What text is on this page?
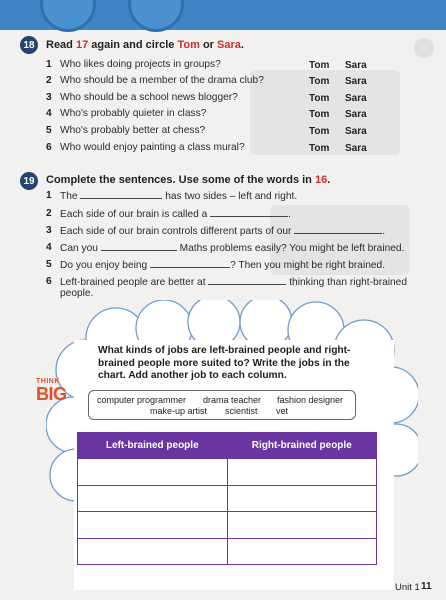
18	Read 17 again and circle Tom or Sara.
1 Who likes doing projects in groups?	Tom Sara
2 Who should be a member of the drama club?	Tom Sara
3 Who should be a school news blogger?	Tom Sara
4 Who's probably quieter in class?	Tom Sara
5 Who's probably better at chess?	Tom Sara
6 Who would enjoy painting a class mural?	Tom Sara
19	Complete the sentences. Use some of the words in 16.
1 The	has two sides – left and right.
2 Each side of our brain is called a	.
3 Each side of our brain controls different parts of our	.
4 Can you	Maths problems easily? You might be left brained.
5 Do you enjoy being	? Then you might be right brained.
6 Left-brained people are better at	thinking than right-brained
people.
THINK
BIG
What kinds of jobs are left-brained people and right-brained people more suited to? Write the jobs in the chart. Add another job to each column.
computer programmer drama teacher fashion designer
make-up artist scientist vet
Left-brained people	Right-brained people

Unit 1 11
